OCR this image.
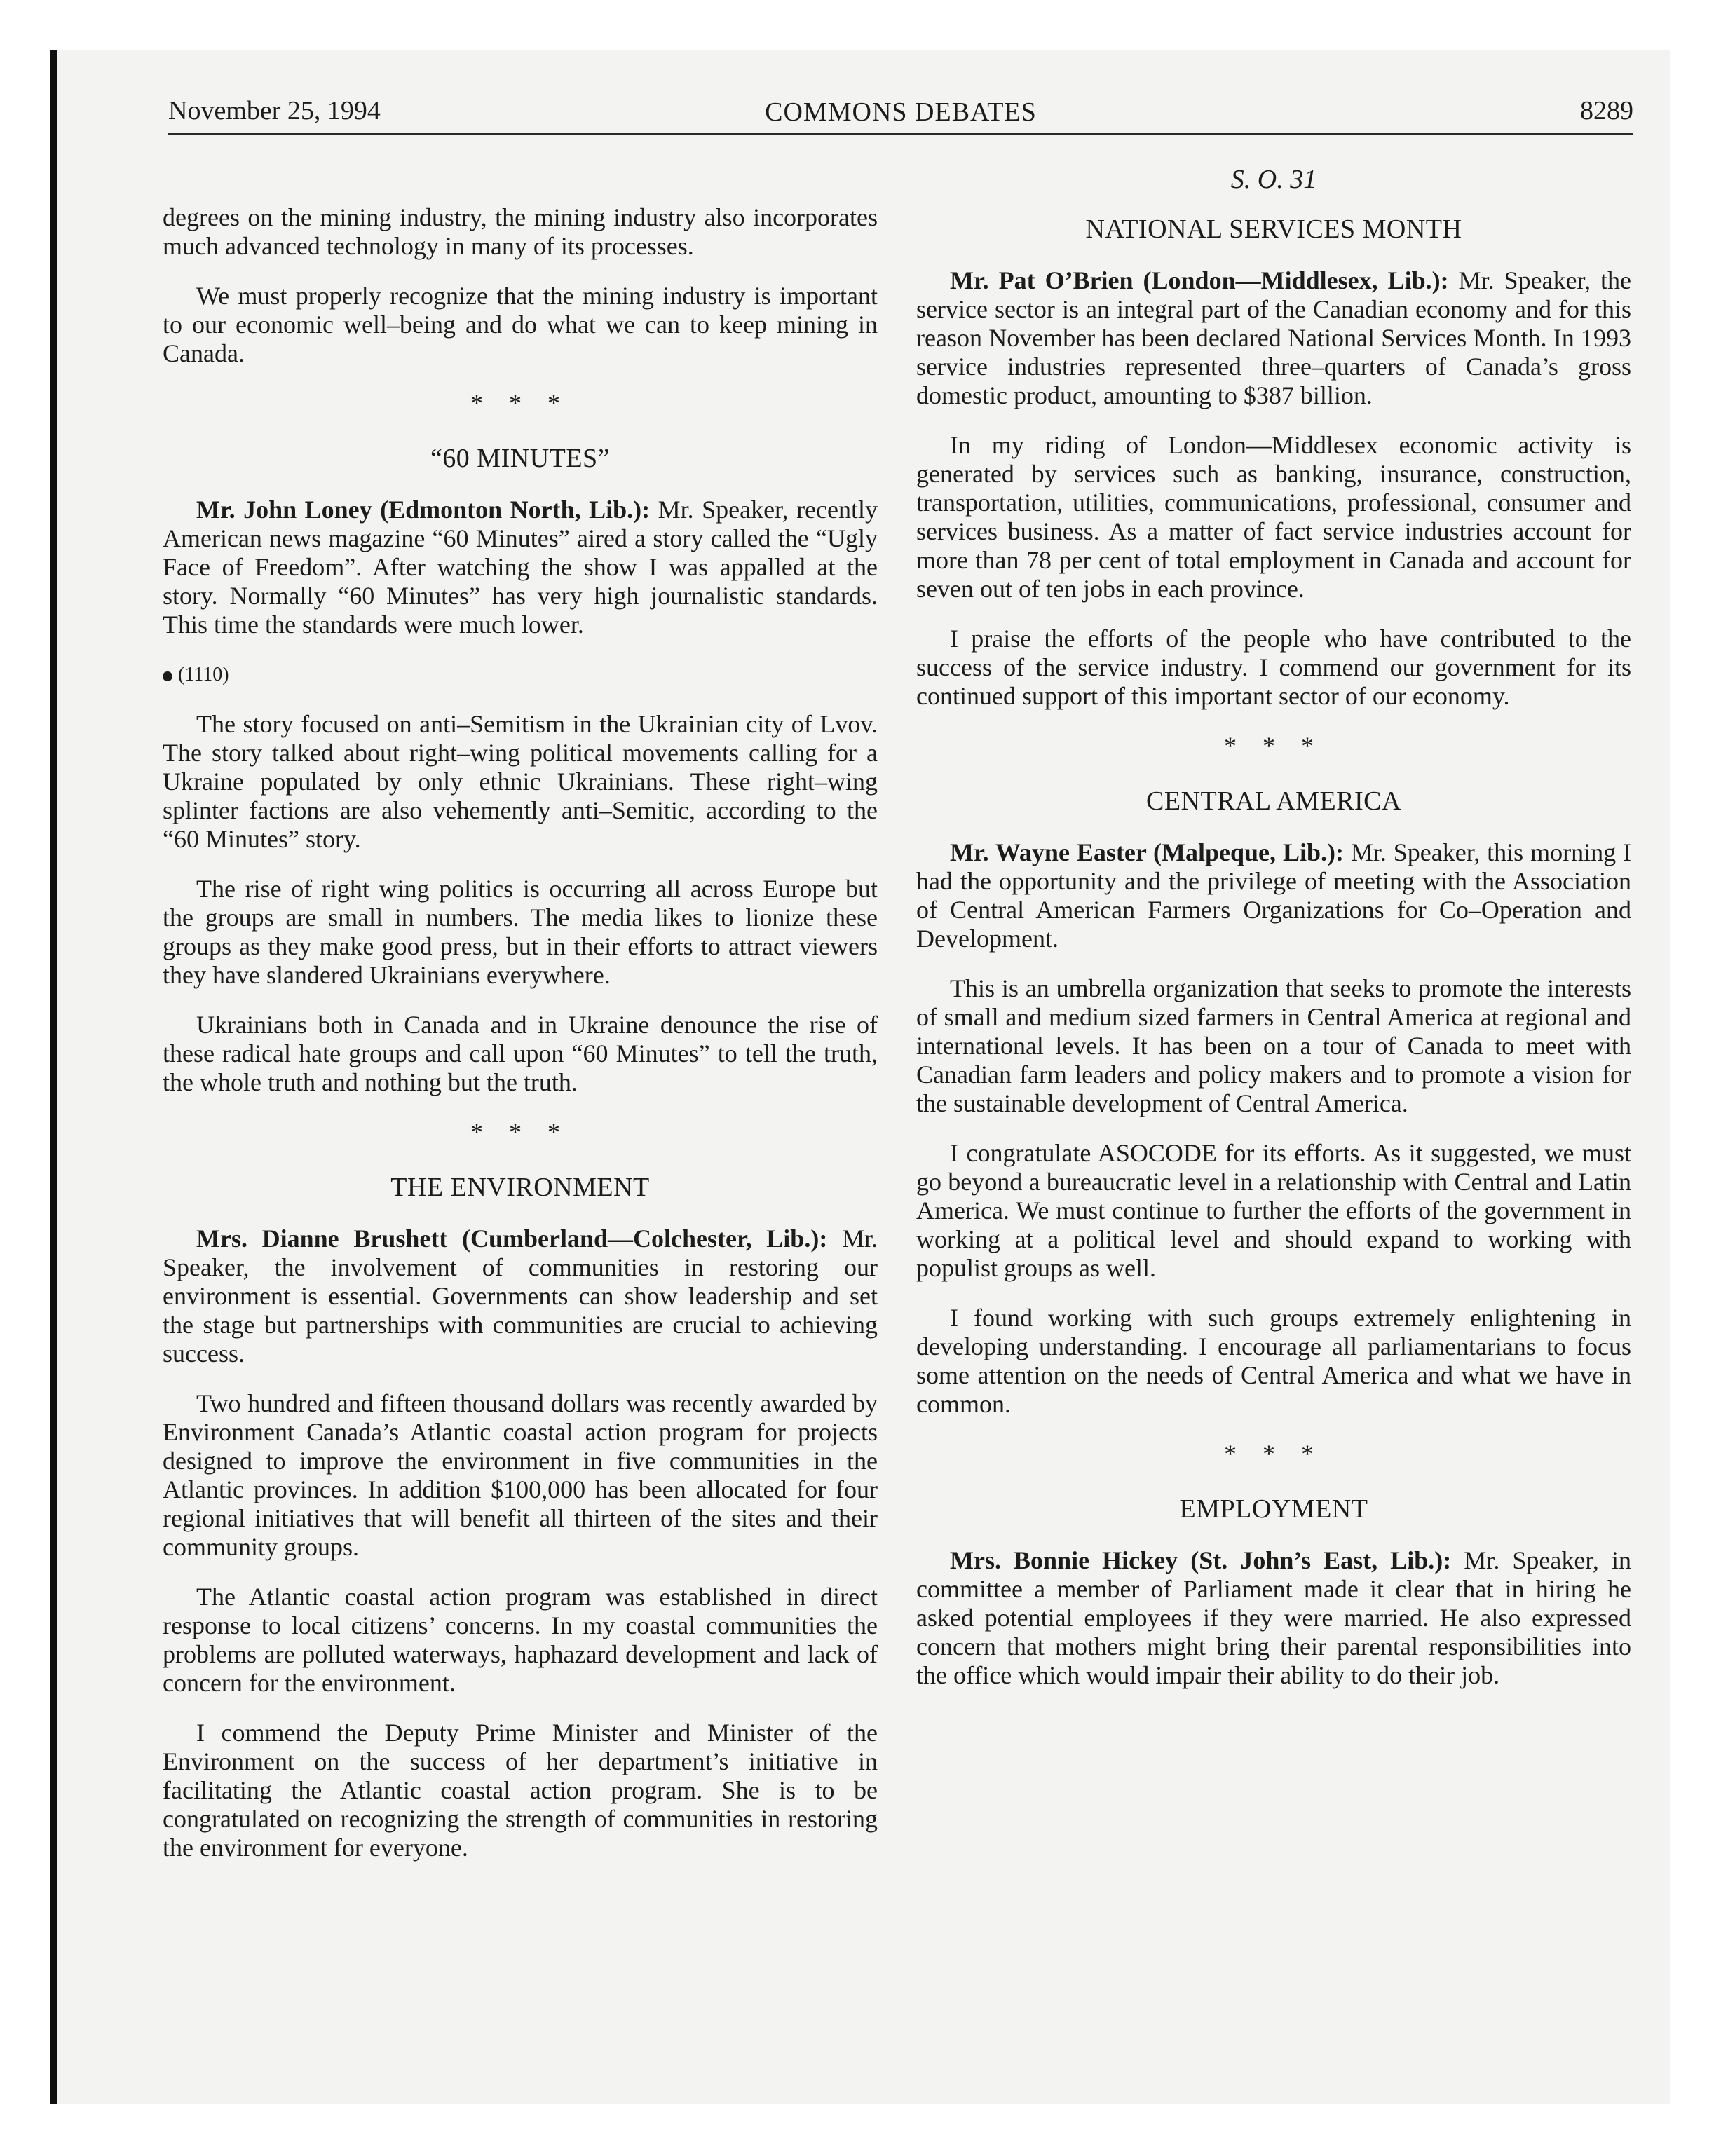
November 25, 1994	COMMONS DEBATES	8289

degrees on the mining industry, the mining industry also incorporates much advanced technology in many of its processes.

We must properly recognize that the mining industry is important to our economic well–being and do what we can to keep mining in Canada.

* * *
“60 MINUTES”

Mr. John Loney (Edmonton North, Lib.): Mr. Speaker, recently American news magazine “60 Minutes” aired a story called the “Ugly Face of Freedom”. After watching the show I was appalled at the story. Normally “60 Minutes” has very high journalistic standards. This time the standards were much lower.

(1110)

The story focused on anti–Semitism in the Ukrainian city of Lvov. The story talked about right–wing political movements calling for a Ukraine populated by only ethnic Ukrainians. These right–wing splinter factions are also vehemently anti–Semitic, according to the “60 Minutes” story.

The rise of right wing politics is occurring all across Europe but the groups are small in numbers. The media likes to lionize these groups as they make good press, but in their efforts to attract viewers they have slandered Ukrainians everywhere.

Ukrainians both in Canada and in Ukraine denounce the rise of these radical hate groups and call upon “60 Minutes” to tell the truth, the whole truth and nothing but the truth.

* * *
THE ENVIRONMENT

Mrs. Dianne Brushett (Cumberland—Colchester, Lib.): Mr. Speaker, the involvement of communities in restoring our environment is essential. Governments can show leadership and set the stage but partnerships with communities are crucial to achieving success.

Two hundred and fifteen thousand dollars was recently awarded by Environment Canada’s Atlantic coastal action program for projects designed to improve the environment in five communities in the Atlantic provinces. In addition $100,000 has been allocated for four regional initiatives that will benefit all thirteen of the sites and their community groups.

The Atlantic coastal action program was established in direct response to local citizens’ concerns. In my coastal communities the problems are polluted waterways, haphazard development and lack of concern for the environment.

I commend the Deputy Prime Minister and Minister of the Environment on the success of her department’s initiative in facilitating the Atlantic coastal action program. She is to be congratulated on recognizing the strength of communities in restoring the environment for everyone.

S. O. 31
NATIONAL SERVICES MONTH

Mr. Pat O’Brien (London—Middlesex, Lib.): Mr. Speaker, the service sector is an integral part of the Canadian economy and for this reason November has been declared National Services Month. In 1993 service industries represented three–quarters of Canada’s gross domestic product, amounting to $387 billion.

In my riding of London—Middlesex economic activity is generated by services such as banking, insurance, construction, transportation, utilities, communications, professional, consumer and services business. As a matter of fact service industries account for more than 78 per cent of total employment in Canada and account for seven out of ten jobs in each province.

I praise the efforts of the people who have contributed to the success of the service industry. I commend our government for its continued support of this important sector of our economy.

* * *
CENTRAL AMERICA

Mr. Wayne Easter (Malpeque, Lib.): Mr. Speaker, this morning I had the opportunity and the privilege of meeting with the Association of Central American Farmers Organizations for Co–Operation and Development.

This is an umbrella organization that seeks to promote the interests of small and medium sized farmers in Central America at regional and international levels. It has been on a tour of Canada to meet with Canadian farm leaders and policy makers and to promote a vision for the sustainable development of Central America.

I congratulate ASOCODE for its efforts. As it suggested, we must go beyond a bureaucratic level in a relationship with Central and Latin America. We must continue to further the efforts of the government in working at a political level and should expand to working with populist groups as well.

I found working with such groups extremely enlightening in developing understanding. I encourage all parliamentarians to focus some attention on the needs of Central America and what we have in common.

* * *
EMPLOYMENT

Mrs. Bonnie Hickey (St. John’s East, Lib.): Mr. Speaker, in committee a member of Parliament made it clear that in hiring he asked potential employees if they were married. He also expressed concern that mothers might bring their parental responsibilities into the office which would impair their ability to do their job.
